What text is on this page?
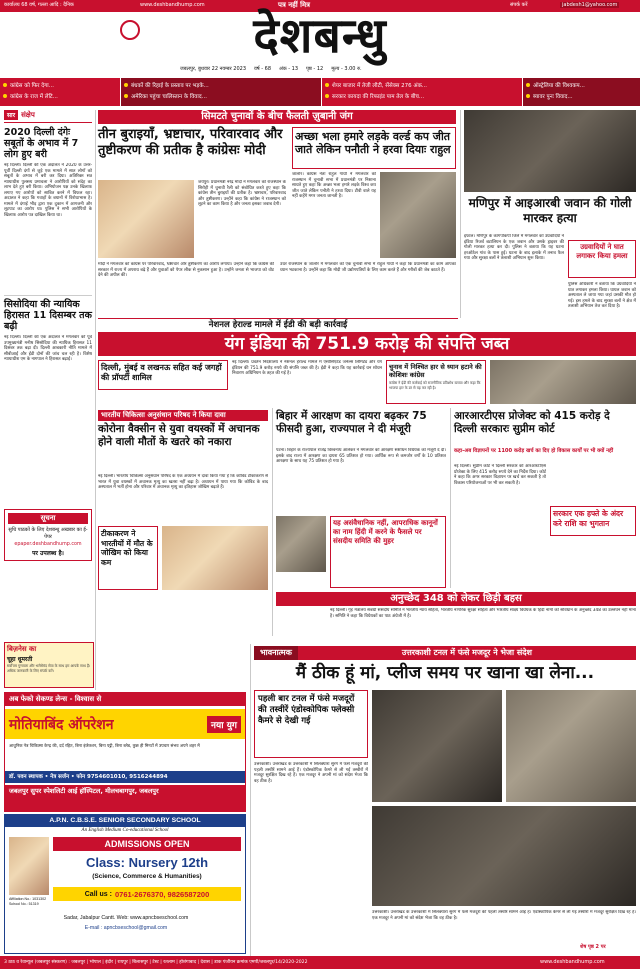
कार्यालय 68 वर्ष, गल्ला आदि : दैनिक	www.deshbandhump.com	पत्र नहीं मित्र	संपर्क करें	jabdesh1@yahoo.com
देशबन्धु
जबलपुर, बुधवार 22 नवम्बर 2023 वर्ष - 68 अंक - 13 पृष्ठ - 12 मूल्य - 3.00 रु.
कांग्रेस को फिर देगा...
कांग्रेस के राज में लेटि...
बंधकों की रिहाई के प्रस्ताव पर भड़के...
अमेरिका पहुंचा चालिस्तान के विवाद...
शेयर बाजार में तेजी लौटी, सेंसेक्स 276 अंक...
सरकार कायदा की रिफाइंड पाम तेल के बीच...
ऑस्ट्रेलिया की विश्वकप...
ब्यावर पुनः विवाद...
सार संक्षेप
2020 दिल्ली दंगेः सबूतों के अभाव में 7 लोग हुए बरी
नई दिल्ली। दिल्ली की एक अदालत ने 2020 के उत्तर-पूर्वी दिल्ली दंगों से जुड़े एक मामले में सात लोगों को सबूतों के अभाव में बरी कर दिया। अतिरिक्त सत्र न्यायाधीश पुलस्त्य प्रमाचला ने आरोपियों को संदेह का लाभ देते हुए बरी किया। अभियोजन पक्ष उनके खिलाफ लगाए गए आरोपों को साबित करने में विफल रहा। अदालत ने कहा कि गवाहों के बयानों में विरोधाभास है। मामले में दंगाई भीड़ द्वारा एक दुकान में आगजनी और लूटपाट का आरोप था। पुलिस ने सभी आरोपियों के खिलाफ आरोप पत्र दाखिल किया था।
सिसोदिया की न्यायिक हिरासत 11 दिसम्बर तक बढ़ी
नई दिल्ली। दिल्ली की एक अदालत ने मंगलवार को पूर्व उपमुख्यमंत्री मनीष सिसोदिया की न्यायिक हिरासत 11 दिसंबर तक बढ़ा दी। दिल्ली आबकारी नीति मामले में सीबीआई और ईडी दोनों की जांच चल रही है। विशेष न्यायाधीश एम के नागपाल ने हिरासत बढ़ाई।
सूचना
सुधि पाठकों के लिए देशबन्धु अखबार का ई-पेपर
epaper.deshbandhump.com
पर उपलब्ध है।
सिमटते चुनावों के बीच फैलती ज़ुबानी जंग
तीन बुराइयाँ, भ्रष्टाचार, परिवारवाद और तुष्टीकरण की प्रतीक है कांग्रेसः मोदी
अच्छा भला हमारे लड़के वर्ल्ड कप जीत जाते लेकिन पनौती ने हरवा दियाः राहुल
जयपुर। प्रधानमंत्री नरेंद्र मोदी ने मंगलवार को राजस्थान के सिरोही में चुनावी रैली को संबोधित करते हुए कहा कि कांग्रेस तीन बुराइयों की प्रतीक है। भ्रष्टाचार, परिवारवाद और तुष्टीकरण। उन्होंने कहा कि कांग्रेस ने राजस्थान को लूटने का काम किया है और जनता इसका जवाब देगी।
जालोर। कांग्रेस नेता राहुल गांधी ने मंगलवार को राजस्थान में चुनावी सभा में प्रधानमंत्री पर निशाना साधते हुए कहा कि अच्छा भला हमारे लड़के विश्व कप जीत जाते लेकिन पनौती ने हरवा दिया। टीवी वाले यह नहीं कहेंगे मगर जनता जानती है।
मोदी ने मंगलवार को कांग्रेस पर परिवारवाद, भ्रष्टाचार और तुष्टीकरण का आरोप लगाया। उन्होंने कहा कि कांग्रेस की सरकार में राज्य में अपराध बढ़े हैं और युवाओं को पेपर लीक से नुकसान हुआ है। उन्होंने जनता से भाजपा को वोट देने की अपील की।
उधर राजस्थान के जालोर में मंगलवार को एक चुनावी सभा में राहुल गांधी ने कहा कि प्रधानमंत्री का काम आपका ध्यान भटकाना है। उन्होंने कहा कि मोदी जी उद्योगपतियों के लिए काम करते हैं और गरीबों की जेब काटते हैं।
मणिपुर में आइआरबी जवान की गोली मारकर हत्या
इंफाल। मणिपुर के कांगपोकपी जिले में मंगलवार को उग्रवादियों ने इंडिया रिजर्व बटालियन के एक जवान और उसके ड्राइवर की गोली मारकर हत्या कर दी। पुलिस ने बताया कि यह घटना हरओठेल गांव के पास हुई। घटना के बाद इलाके में तनाव फैल गया और सुरक्षा बलों ने तलाशी अभियान शुरू किया।
उग्रवादियों ने घात लगाकर किया हमला
पुलिस अधिकारी ने बताया कि उग्रवादियों ने घात लगाकर हमला किया। घायल जवान को अस्पताल ले जाया गया जहां उसकी मौत हो गई। इस हमले के बाद सुरक्षा बलों ने क्षेत्र में तलाशी अभियान तेज कर दिया है।
नेशनल हेराल्ड मामले में ईडी की बड़ी कार्रवाई
यंग इंडिया की 751.9 करोड़ की संपत्ति जब्त
दिल्ली, मुंबई व लखनऊ सहित कई जगहों की प्रॉपर्टी शामिल
नई दिल्ली। प्रवर्तन निदेशालय ने नेशनल हेराल्ड मामले में एसोसिएटेड जर्नल्स लिमिटेड और यंग इंडियन की 751.9 करोड़ रुपये की संपत्ति जब्त की है। ईडी ने कहा कि यह कार्रवाई धन शोधन निवारण अधिनियम के तहत की गई है।
चुनाव में निश्चित हार से ध्यान हटाने की कोशिशः कांग्रेस
कांग्रेस ने ईडी की कार्रवाई को राजनीतिक प्रतिशोध बताया और कहा कि भाजपा हार के डर से यह कर रही है।
भारतीय चिकित्सा अनुसंधान परिषद ने किया दावा
कोरोना वैक्सीन से युवा वयस्कों में अचानक होने वाली मौतों के खतरे को नकारा
नई दिल्ली। भारतीय चिकित्सा अनुसंधान परिषद के एक अध्ययन में दावा किया गया है कि कोविड टीकाकरण से भारत में युवा वयस्कों में अचानक मृत्यु का खतरा नहीं बढ़ा है। अध्ययन में पाया गया कि कोविड के बाद अस्पताल में भर्ती होना और परिवार में अचानक मृत्यु का इतिहास जोखिम बढ़ाते हैं।
टीकाकरण ने भारतीयों में मौत के जोखिम को किया कम
बिहार में आरक्षण का दायरा बढ़कर 75 फीसदी हुआ, राज्यपाल ने दी मंजूरी
पटना। बिहार के राज्यपाल राजेंद्र विश्वनाथ आर्लेकर ने मंगलवार को आरक्षण संशोधन विधेयक को मंजूरी दे दी। इसके बाद राज्य में आरक्षण का दायरा 65 प्रतिशत हो गया। आर्थिक रूप से कमजोर वर्गों के 10 प्रतिशत आरक्षण के साथ यह 75 प्रतिशत हो गया है।
यह असंवैधानिक नहीं, आपराधिक कानूनों का नाम हिंदी में करने के फैसले पर संसदीय समिति की मुहर
आरआरटीएस प्रोजेक्ट को 415 करोड़ दे दिल्ली सरकारः सुप्रीम कोर्ट
कहा-अब विज्ञापनों पर 1100 करोड़ खर्च का दिए हो विकास कार्यों पर भी क्यों नहीं
नई दिल्ली। सुप्रीम कोर्ट ने दिल्ली सरकार को आरआरटीएस प्रोजेक्ट के लिए 415 करोड़ रुपये देने का निर्देश दिया। कोर्ट ने कहा कि अगर सरकार विज्ञापन पर खर्च कर सकती है तो विकास परियोजनाओं पर भी कर सकती है।
सरकार एक हफ्ते के अंदर करे राशि का भुगतान
अनुच्छेद 348 को लेकर छिड़ी बहस
नई दिल्ली। गृह मंत्रालय संबंधी संसदीय समिति ने भारतीय न्याय संहिता, भारतीय नागरिक सुरक्षा संहिता और भारतीय साक्ष्य विधेयक के हिंदी नामों को संविधान के अनुच्छेद 348 का उल्लंघन नहीं माना है। समिति ने कहा कि विधेयकों का पाठ अंग्रेजी में है।
बिज़नेस का
चूहा धूमरती
सर्वोत्तम गुणवत्ता और भरोसेमंद सेवा के साथ हम आपके साथ हैं। अधिक जानकारी के लिए संपर्क करें।
अब फेको सेकण्ड लेन्स - विश्वास से
मोतियाबिंद ऑपरेशन	नया युग
आधुनिक नेत्र चिकित्सा केन्द्र की, दर्द रहित, बिना इंजेक्शन, बिना पट्टी, बिना ब्लेड, कुछ ही मिनटों में उपचार संभव अपने शहर में
डॉ. पवन स्थापक • नेत्र सर्जन • फोन 9754601010, 9516244894
जबलपुर सुपर स्पेशलिटी आई हॉस्पिटल, मीलचबागपुर, जबलपुर
A.P.N. C.B.S.E. SENIOR SECONDARY SCHOOL
An English Medium Co-educational School
Affiliation No.: 1031302
School No.: 51319
ADMISSIONS OPEN
Class: Nursery 12th
(Science, Commerce & Humanities)
Call us : 0761-2676370, 9826587200
Sadar, Jabalpur Cantt. Web: www.apncbseschool.com
E-mail : apncbseschool@gmail.com
भावनात्मक	उत्तरकाशी टनल में फंसे मजदूर ने भेजा संदेश
मैं ठीक हूं मां, प्लीज समय पर खाना खा लेना...
पहली बार टनल में फंसे मजदूरों की तस्वीरें एंडोस्कोपिक फ्लेक्सी कैमरे से देखी गई
उत्तरकाशी। उत्तराखंड के उत्तरकाशी में सिलक्यारा सुरंग में फंसे मजदूरों की पहली तस्वीरें सामने आई हैं। एंडोस्कोपिक कैमरे से ली गई तस्वीरों में मजदूर सुरक्षित दिख रहे हैं। एक मजदूर ने अपनी मां को संदेश भेजा कि वह ठीक है।
उत्तरकाशी। उत्तराखंड के उत्तरकाशी में सिलक्यारा सुरंग में फंसे मजदूरों की पहली तस्वीरें सामने आई हैं। एंडोस्कोपिक कैमरे से ली गई तस्वीरों में मजदूर सुरक्षित दिख रहे हैं। एक मजदूर ने अपनी मां को संदेश भेजा कि वह ठीक है।
शेष पृष्ठ 2 पर
3 ठाठ व रेवान्यूल (जबलपुर संस्करण) : जबलपुर | भोपाल | इंदौर | रायपुर | बिलासपुर | टेस्ट | रतलाम | होशंगाबाद | देवास | डाक पंजीयन क्रमांक एमपी/जबलपुर/14/2020-2022	www.deshbandhump.com
